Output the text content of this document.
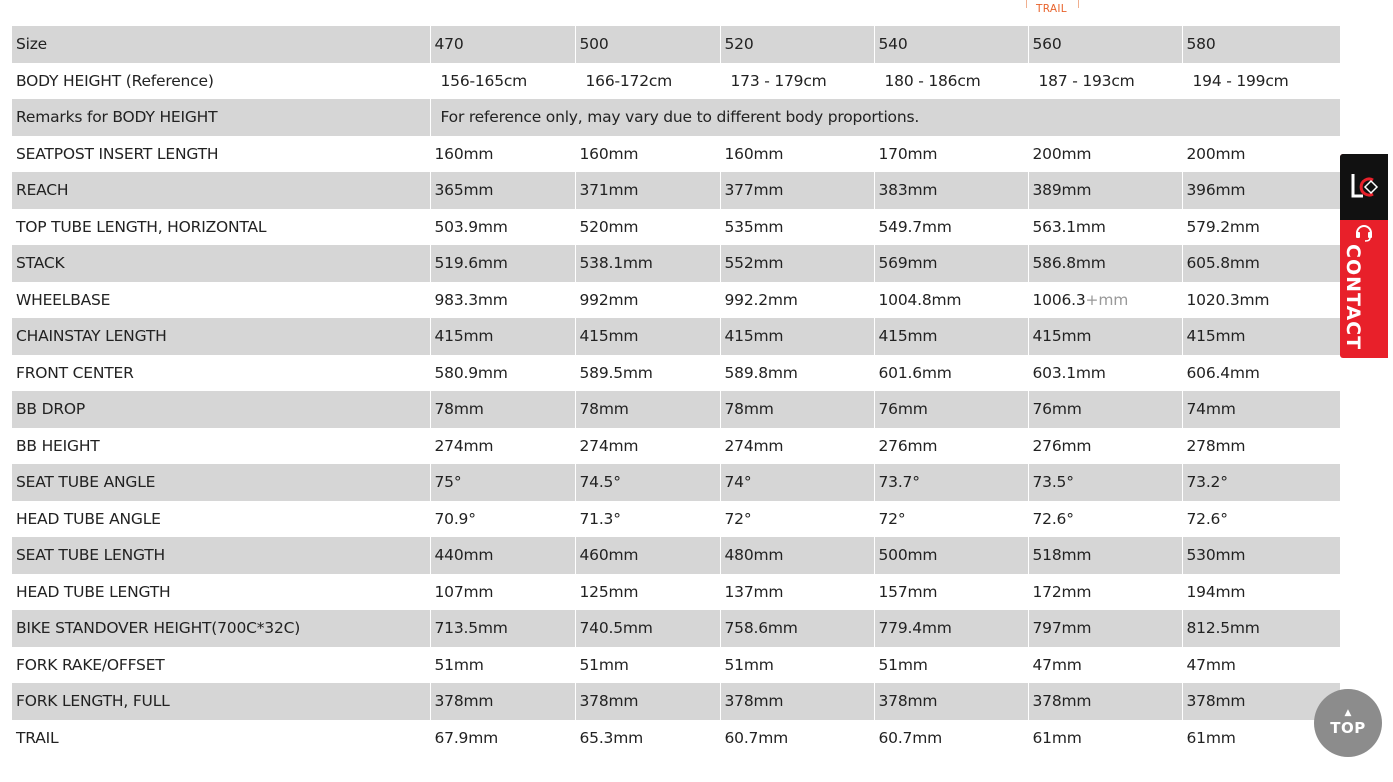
TRAIL
Size	470	500	520	540	560	580
BODY HEIGHT (Reference)	156-165cm	166-172cm	173 - 179cm	180 - 186cm	187 - 193cm	194 - 199cm
Remarks for BODY HEIGHT	For reference only, may vary due to different body proportions.					
SEATPOST INSERT LENGTH	160mm	160mm	160mm	170mm	200mm	200mm
REACH	365mm	371mm	377mm	383mm	389mm	396mm
TOP TUBE LENGTH, HORIZONTAL	503.9mm	520mm	535mm	549.7mm	563.1mm	579.2mm
STACK	519.6mm	538.1mm	552mm	569mm	586.8mm	605.8mm
WHEELBASE	983.3mm	992mm	992.2mm	1004.8mm	1006.3+mm	1020.3mm
CHAINSTAY LENGTH	415mm	415mm	415mm	415mm	415mm	415mm
FRONT CENTER	580.9mm	589.5mm	589.8mm	601.6mm	603.1mm	606.4mm
BB DROP	78mm	78mm	78mm	76mm	76mm	74mm
BB HEIGHT	274mm	274mm	274mm	276mm	276mm	278mm
SEAT TUBE ANGLE	75°	74.5°	74°	73.7°	73.5°	73.2°
HEAD TUBE ANGLE	70.9°	71.3°	72°	72°	72.6°	72.6°
SEAT TUBE LENGTH	440mm	460mm	480mm	500mm	518mm	530mm
HEAD TUBE LENGTH	107mm	125mm	137mm	157mm	172mm	194mm
BIKE STANDOVER HEIGHT(700C*32C)	713.5mm	740.5mm	758.6mm	779.4mm	797mm	812.5mm
FORK RAKE/OFFSET	51mm	51mm	51mm	51mm	47mm	47mm
FORK LENGTH, FULL	378mm	378mm	378mm	378mm	378mm	378mm
TRAIL	67.9mm	65.3mm	60.7mm	60.7mm	61mm	61mm
CONTACT
▲
TOP
